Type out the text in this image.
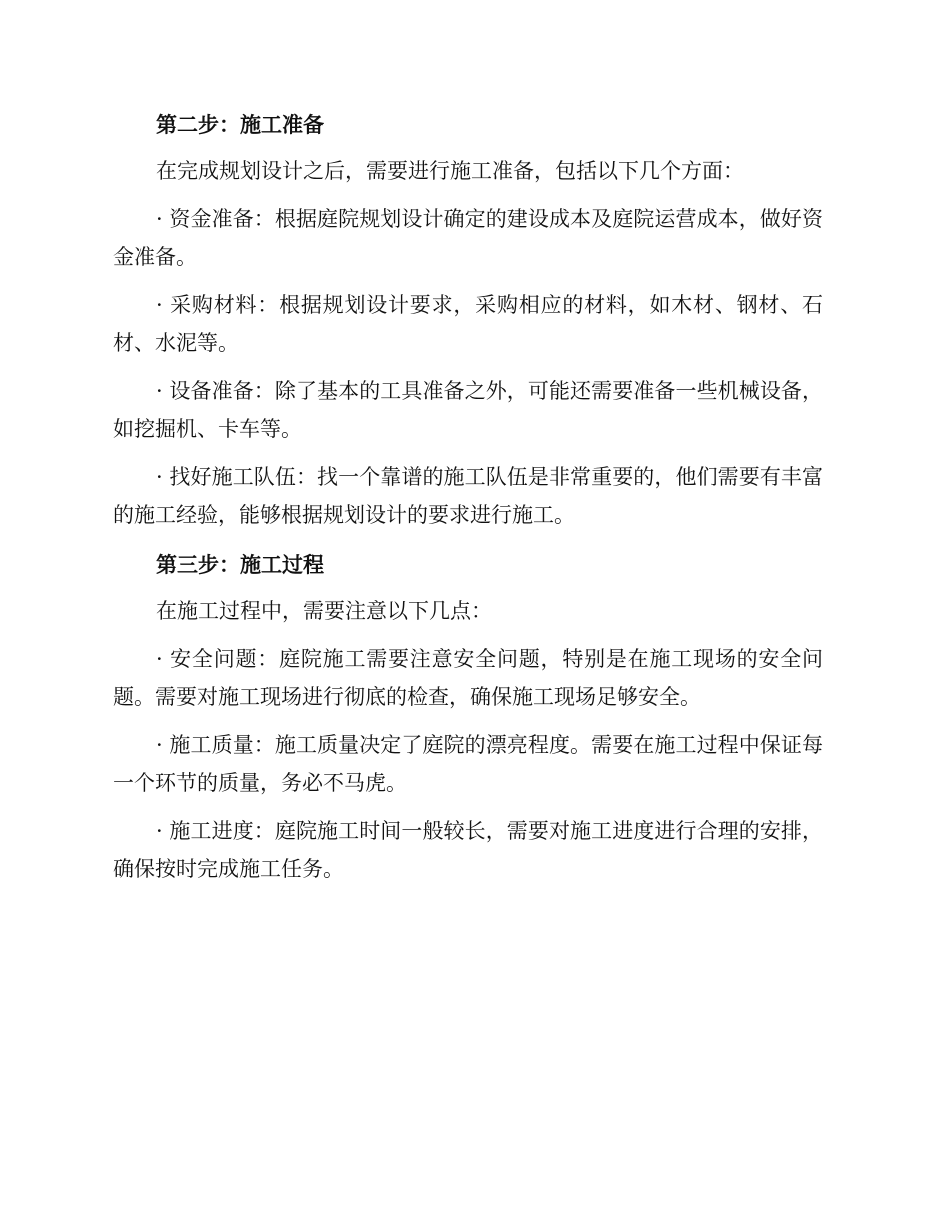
第二步：施工准备

在完成规划设计之后，需要进行施工准备，包括以下几个方面：

· 资金准备：根据庭院规划设计确定的建设成本及庭院运营成本，做好资金准备。

· 采购材料：根据规划设计要求，采购相应的材料，如木材、钢材、石材、水泥等。

· 设备准备：除了基本的工具准备之外，可能还需要准备一些机械设备，如挖掘机、卡车等。

· 找好施工队伍：找一个靠谱的施工队伍是非常重要的，他们需要有丰富的施工经验，能够根据规划设计的要求进行施工。

第三步：施工过程

在施工过程中，需要注意以下几点：

· 安全问题：庭院施工需要注意安全问题，特别是在施工现场的安全问题。需要对施工现场进行彻底的检查，确保施工现场足够安全。

· 施工质量：施工质量决定了庭院的漂亮程度。需要在施工过程中保证每一个环节的质量，务必不马虎。

· 施工进度：庭院施工时间一般较长，需要对施工进度进行合理的安排，确保按时完成施工任务。
